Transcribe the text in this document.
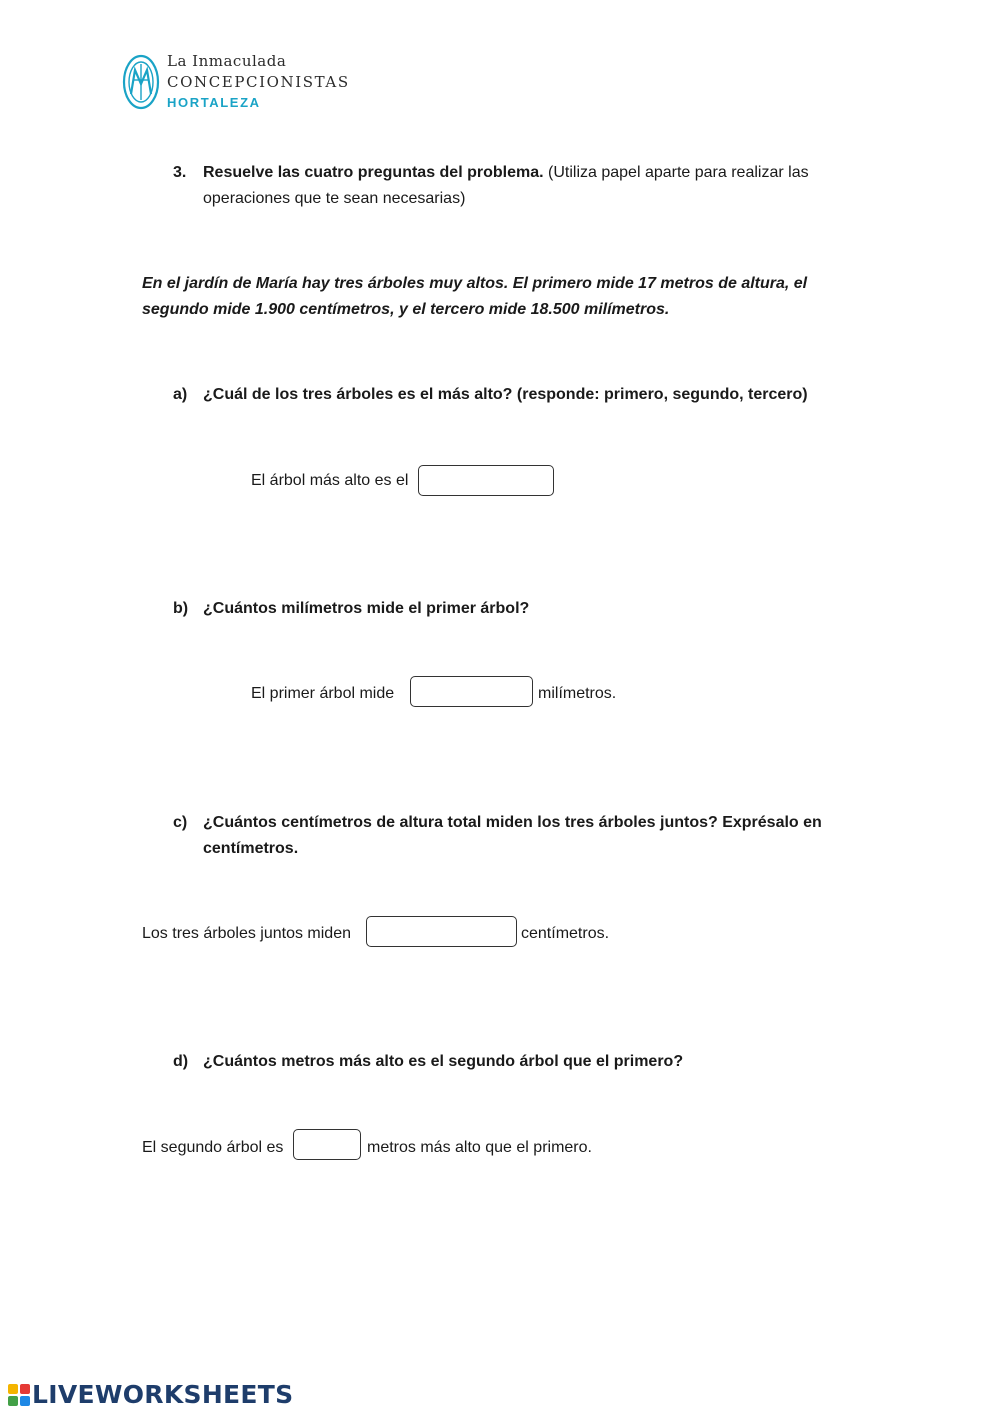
La Inmaculada
CONCEPCIONISTAS
HORTALEZA
3.	Resuelve las cuatro preguntas del problema. (Utiliza papel aparte para realizar las
operaciones que te sean necesarias)
En el jardín de María hay tres árboles muy altos. El primero mide 17 metros de altura, el
segundo mide 1.900 centímetros, y el tercero mide 18.500 milímetros.
a) ¿Cuál de los tres árboles es el más alto? (responde: primero, segundo, tercero)
El árbol más alto es el
b) ¿Cuántos milímetros mide el primer árbol?
El primer árbol mide	milímetros.
c) ¿Cuántos centímetros de altura total miden los tres árboles juntos? Exprésalo en
centímetros.
Los tres árboles juntos miden	centímetros.
d) ¿Cuántos metros más alto es el segundo árbol que el primero?
El segundo árbol es	metros más alto que el primero.
LIVEWORKSHEETS
